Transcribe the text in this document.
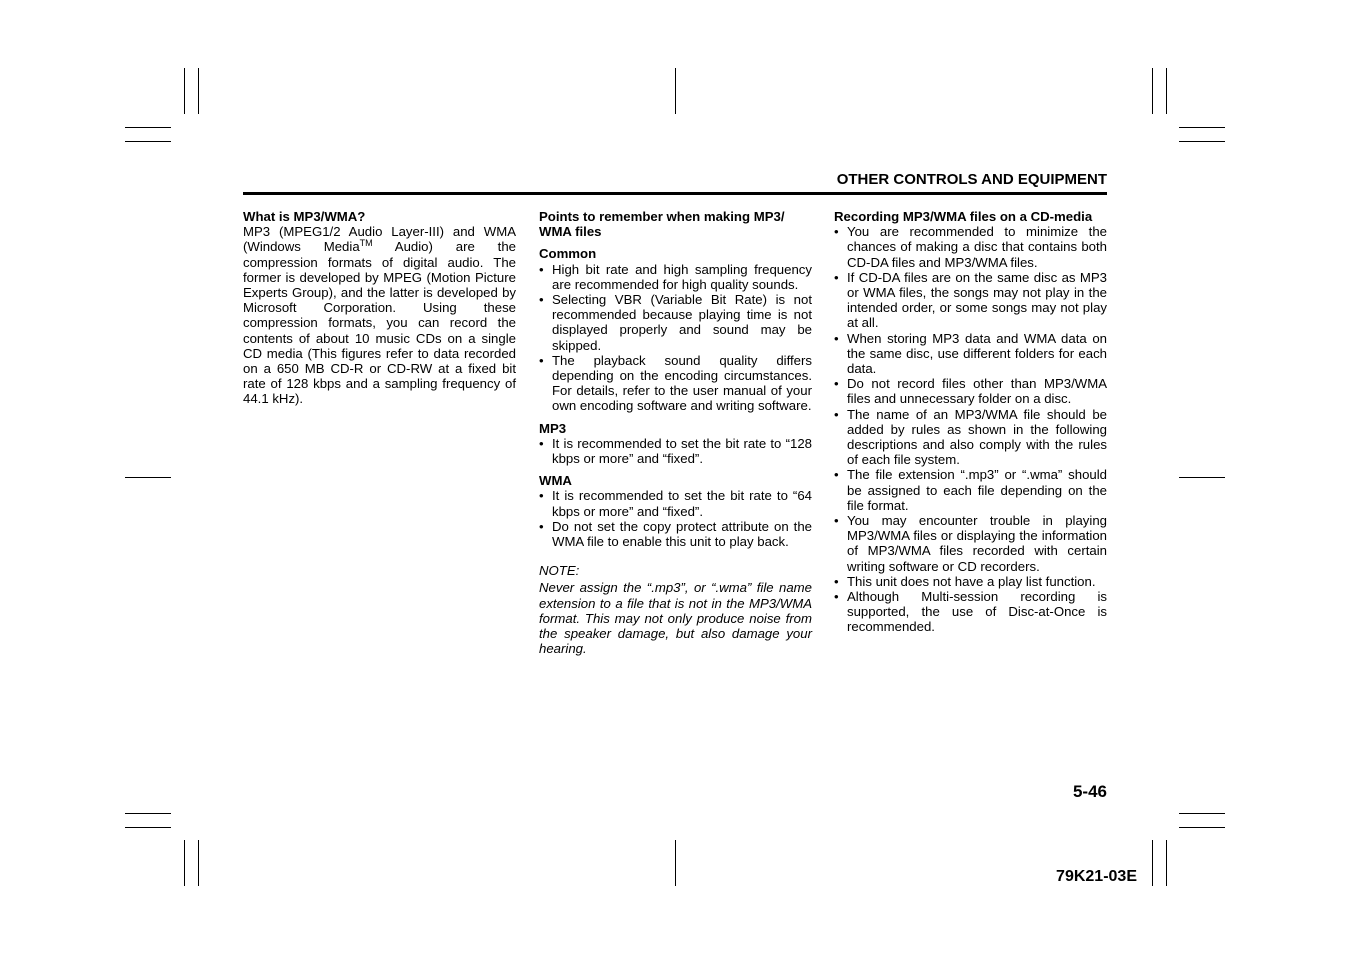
OTHER CONTROLS AND EQUIPMENT
What is MP3/WMA?

MP3 (MPEG1/2 Audio Layer-III) and WMA (Windows Media™ Audio) are the compression formats of digital audio. The former is developed by MPEG (Motion Picture Experts Group), and the latter is developed by Microsoft Corporation. Using these compression formats, you can record the contents of about 10 music CDs on a single CD media (This figures refer to data recorded on a 650 MB CD-R or CD-RW at a fixed bit rate of 128 kbps and a sampling frequency of 44.1 kHz).

Points to remember when making MP3/ WMA files
Common
• High bit rate and high sampling frequency are recommended for high quality sounds.
• Selecting VBR (Variable Bit Rate) is not recommended because playing time is not displayed properly and sound may be skipped.
• The playback sound quality differs depending on the encoding circumstances. For details, refer to the user manual of your own encoding software and writing software.
MP3
• It is recommended to set the bit rate to “128 kbps or more” and “fixed”.
WMA
• It is recommended to set the bit rate to “64 kbps or more” and “fixed”.
• Do not set the copy protect attribute on the WMA file to enable this unit to play back.
NOTE:

Never assign the “.mp3”, or “.wma” file name extension to a file that is not in the MP3/WMA format. This may not only produce noise from the speaker damage, but also damage your hearing.

Recording MP3/WMA files on a CD-media
• You are recommended to minimize the chances of making a disc that contains both CD-DA files and MP3/WMA files.
• If CD-DA files are on the same disc as MP3 or WMA files, the songs may not play in the intended order, or some songs may not play at all.
• When storing MP3 data and WMA data on the same disc, use different folders for each data.
• Do not record files other than MP3/WMA files and unnecessary folder on a disc.
• The name of an MP3/WMA file should be added by rules as shown in the following descriptions and also comply with the rules of each file system.
• The file extension “.mp3” or “.wma” should be assigned to each file depending on the file format.
• You may encounter trouble in playing MP3/WMA files or displaying the information of MP3/WMA files recorded with certain writing software or CD recorders.
• This unit does not have a play list function.
• Although Multi-session recording is supported, the use of Disc-at-Once is recommended.
5-46
79K21-03E
